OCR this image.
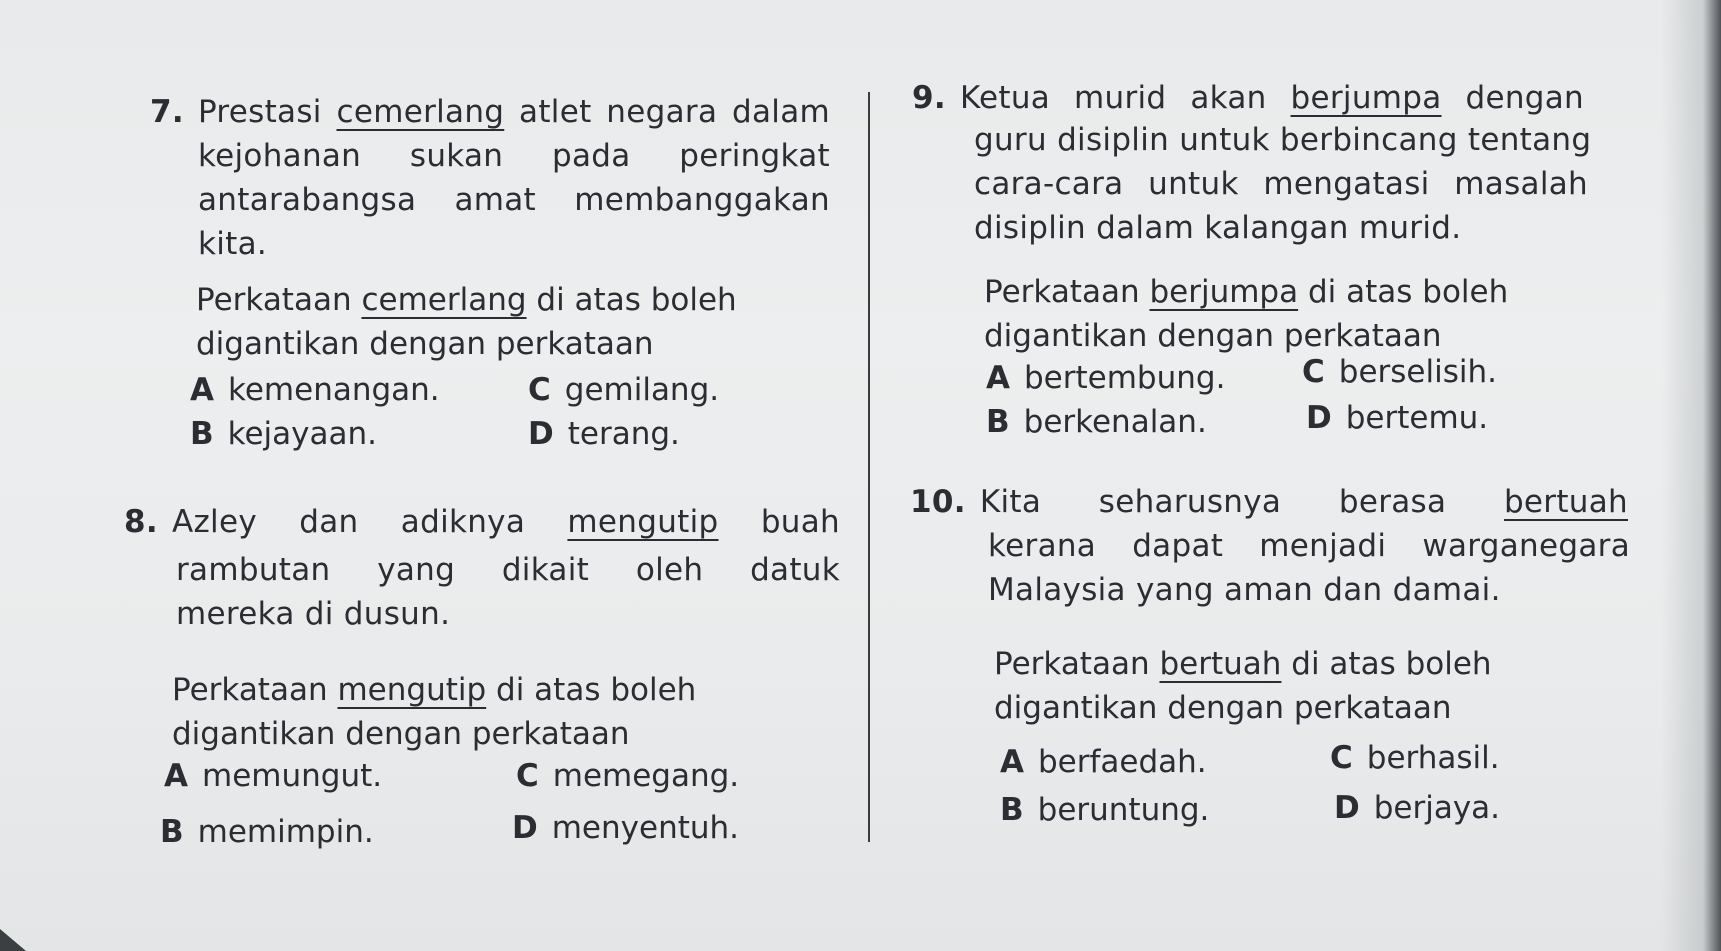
7. Prestasi cemerlang atlet negara dalam
kejohanan sukan pada peringkat
antarabangsa amat membanggakan
kita.
Perkataan cemerlang di atas boleh
digantikan dengan perkataan
A kemenangan.
B kejayaan.
C gemilang.
D terang.
8. Azley dan adiknya mengutip buah
rambutan yang dikait oleh datuk
mereka di dusun.
Perkataan mengutip di atas boleh
digantikan dengan perkataan
A memungut.
B memimpin.
C memegang.
D menyentuh.
9. Ketua murid akan berjumpa dengan
guru disiplin untuk berbincang tentang
cara-cara untuk mengatasi masalah
disiplin dalam kalangan murid.
Perkataan berjumpa di atas boleh
digantikan dengan perkataan
A bertembung.
B berkenalan.
C berselisih.
D bertemu.
10. Kita seharusnya berasa bertuah
kerana dapat menjadi warganegara
Malaysia yang aman dan damai.
Perkataan bertuah di atas boleh
digantikan dengan perkataan
A berfaedah.
B beruntung.
C berhasil.
D berjaya.
